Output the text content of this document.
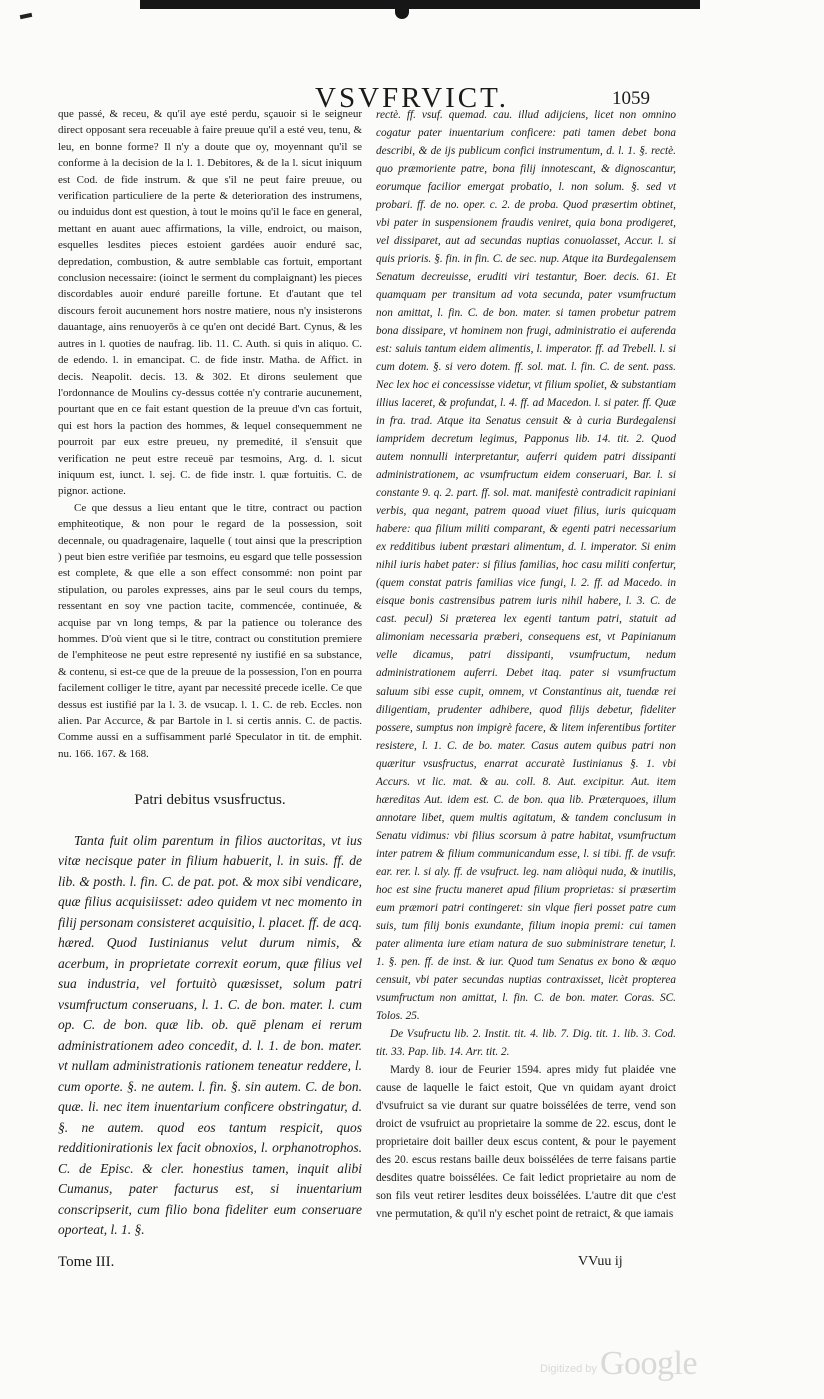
VSVFRVICT.	1059

que passé, & receu, & qu'il aye esté perdu, sçauoir si le seigneur direct opposant sera receuable à faire preuue qu'il a esté veu, tenu, & leu, en bonne forme? Il n'y a doute que oy, moyennant qu'il se conforme à la decision de la l. 1. Debitores, & de la l. sicut iniquum est Cod. de fide instrum. & que s'il ne peut faire preuue, ou verification particuliere de la perte & deterioration des instrumens, ou induidus dont est question, à tout le moins qu'il le face en general, mettant en auant auec affirmations, la ville, endroict, ou maison, esquelles lesdites pieces estoient gardées auoir enduré sac, depredation, combustion, & autre semblable cas fortuit, emportant conclusion necessaire: (ioinct le serment du complaignant) les pieces discordables auoir enduré pareille fortune. Et d'autant que tel discours feroit aucunement hors nostre matiere, nous n'y insisterons dauantage, ains renuoyerōs à ce qu'en ont decidé Bart. Cynus, & les autres in l. quoties de naufrag. lib. 11. C. Auth. si quis in aliquo. C. de edendo. l. in emancipat. C. de fide instr. Matha. de Affict. in decis. Neapolit. decis. 13. & 302. Et dirons seulement que l'ordonnance de Moulins cy-dessus cottée n'y contrarie aucunement, pourtant que en ce fait estant question de la preuue d'vn cas fortuit, qui est hors la paction des hommes, & lequel consequemment ne pourroit par eux estre preueu, ny premedité, il s'ensuit que verification ne peut estre receuë par tesmoins, Arg. d. l. sicut iniquum est, iunct. l. sej. C. de fide instr. l. quæ fortuitis. C. de pignor. actione.

Ce que dessus a lieu entant que le titre, contract ou paction emphiteotique, & non pour le regard de la possession, soit decennale, ou quadragenaire, laquelle ( tout ainsi que la prescription ) peut bien estre verifiée par tesmoins, eu esgard que telle possession est complete, & que elle a son effect consommé: non point par stipulation, ou paroles expresses, ains par le seul cours du temps, ressentant en soy vne paction tacite, commencée, continuée, & acquise par vn long temps, & par la patience ou tolerance des hommes. D'où vient que si le titre, contract ou constitution premiere de l'emphiteose ne peut estre representé ny iustifié en sa substance, & contenu, si est-ce que de la preuue de la possession, l'on en pourra facilement colliger le titre, ayant par necessité precede icelle. Ce que dessus est iustifié par la l. 3. de vsucap. l. 1. C. de reb. Eccles. non alien. Par Accurce, & par Bartole in l. si certis annis. C. de pactis. Comme aussi en a suffisamment parlé Speculator in tit. de emphit. nu. 166. 167. & 168.

Patri debitus vsusfructus.

Tanta fuit olim parentum in filios auctoritas, vt ius vitæ necisque pater in filium habuerit, l. in suis. ff. de lib. & posth. l. fin. C. de pat. pot. & mox sibi vendicare, quæ filius acquisiisset: adeo quidem vt nec momento in filij personam consisteret acquisitio, l. placet. ff. de acq. hæred. Quod Iustinianus velut durum nimis, & acerbum, in proprietate correxit eorum, quæ filius vel sua industria, vel fortuitò quæsisset, solum patri vsumfructum conseruans, l. 1. C. de bon. mater. l. cum op. C. de bon. quæ lib. ob. quē plenam ei rerum administrationem adeo concedit, d. l. 1. de bon. mater. vt nullam administrationis rationem teneatur reddere, l. cum oporte. §. ne autem. l. fin. §. sin autem. C. de bon. quæ. li. nec item inuentarium conficere obstringatur, d. §. ne autem. quod eos tantum respicit, quos redditionirationis lex facit obnoxios, l. orphanotrophos. C. de Episc. & cler. honestius tamen, inquit alibi Cumanus, pater facturus est, si inuentarium conscripserit, cum filio bona fideliter eum conseruare oporteat, l. 1. §.

rectè. ff. vsuf. quemad. cau. illud adijciens, licet non omnino cogatur pater inuentarium conficere: pati tamen debet bona describi, & de ijs publicum confici instrumentum, d. l. 1. §. rectè. quo præmoriente patre, bona filij innotescant, & dignoscantur, eorumque facilior emergat probatio, l. non solum. §. sed vt probari. ff. de no. oper. c. 2. de proba. Quod præsertim obtinet, vbi pater in suspensionem fraudis veniret, quia bona prodigeret, vel dissiparet, aut ad secundas nuptias conuolasset, Accur. l. si quis prioris. §. fin. in fin. C. de sec. nup. Atque ita Burdegalensem Senatum decreuisse, eruditi viri testantur, Boer. decis. 61. Et quamquam per transitum ad vota secunda, pater vsumfructum non amittat, l. fin. C. de bon. mater. si tamen probetur patrem bona dissipare, vt hominem non frugi, administratio ei auferenda est: saluis tantum eidem alimentis, l. imperator. ff. ad Trebell. l. si cum dotem. §. si vero dotem. ff. sol. mat. l. fin. C. de sent. pass. Nec lex hoc ei concessisse videtur, vt filium spoliet, & substantiam illius laceret, & profundat, l. 4. ff. ad Macedon. l. si pater. ff. Quæ in fra. trad. Atque ita Senatus censuit & à curia Burdegalensi iampridem decretum legimus, Papponus lib. 14. tit. 2. Quod autem nonnulli interpretantur, auferri quidem patri dissipanti administrationem, ac vsumfructum eidem conseruari, Bar. l. si constante 9. q. 2. part. ff. sol. mat. manifestè contradicit rapiniani verbis, qua negant, patrem quoad viuet filius, iuris quicquam habere: qua filium militi comparant, & egenti patri necessarium ex redditibus iubent præstari alimentum, d. l. imperator. Si enim nihil iuris habet pater: si filius familias, hoc casu militi confertur, (quem constat patris familias vice fungi, l. 2. ff. ad Macedo. in eisque bonis castrensibus patrem iuris nihil habere, l. 3. C. de cast. pecul) Si præterea lex egenti tantum patri, statuit ad alimoniam necessaria præberi, consequens est, vt Papinianum velle dicamus, patri dissipanti, vsumfructum, nedum administrationem auferri. Debet itaq. pater si vsumfructum saluum sibi esse cupit, omnem, vt Constantinus ait, tuendæ rei diligentiam, prudenter adhibere, quod filijs debetur, fideliter possere, sumptus non impigrè facere, & litem inferentibus fortiter resistere, l. 1. C. de bo. mater. Casus autem quibus patri non quæritur vsusfructus, enarrat accuratè Iustinianus §. 1. vbi Accurs. vt lic. mat. & au. coll. 8. Aut. excipitur. Aut. item hæreditas Aut. idem est. C. de bon. qua lib. Præterquoes, illum annotare libet, quem multis agitatum, & tandem conclusum in Senatu vidimus: vbi filius scorsum à patre habitat, vsumfructum inter patrem & filium communicandum esse, l. si tibi. ff. de vsufr. ear. rer. l. si aly. ff. de vsufruct. leg. nam aliòqui nuda, & inutilis, hoc est sine fructu maneret apud filium proprietas: si præsertim eum præmori patri contingeret: sin vlque fieri posset patre cum suis, tum filij bonis exundante, filium inopia premi: cui tamen pater alimenta iure etiam natura de suo subministrare tenetur, l. 1. §. pen. ff. de inst. & iur. Quod tum Senatus ex bono & æquo censuit, vbi pater secundas nuptias contraxisset, licèt propterea vsumfructum non amittat, l. fin. C. de bon. mater. Coras. SC. Tolos. 25.

De Vsufructu lib. 2. Instit. tit. 4. lib. 7. Dig. tit. 1. lib. 3. Cod. tit. 33. Pap. lib. 14. Arr. tit. 2.

Mardy 8. iour de Feurier 1594. apres midy fut plaidée vne cause de laquelle le faict estoit, Que vn quidam ayant droict d'vsufruict sa vie durant sur quatre boissélées de terre, vend son droict de vsufruict au proprietaire la somme de 22. escus, dont le proprietaire doit bailler deux escus content, & pour le payement des 20. escus restans baille deux boissélées de terre faisans partie desdites quatre boissélées. Ce fait ledict proprietaire au nom de son fils veut retirer lesdites deux boissélées. L'autre dit que c'est vne permutation, & qu'il n'y eschet point de retraict, & que iamais

Tome III.	VVuu ij
Digitized by Google
